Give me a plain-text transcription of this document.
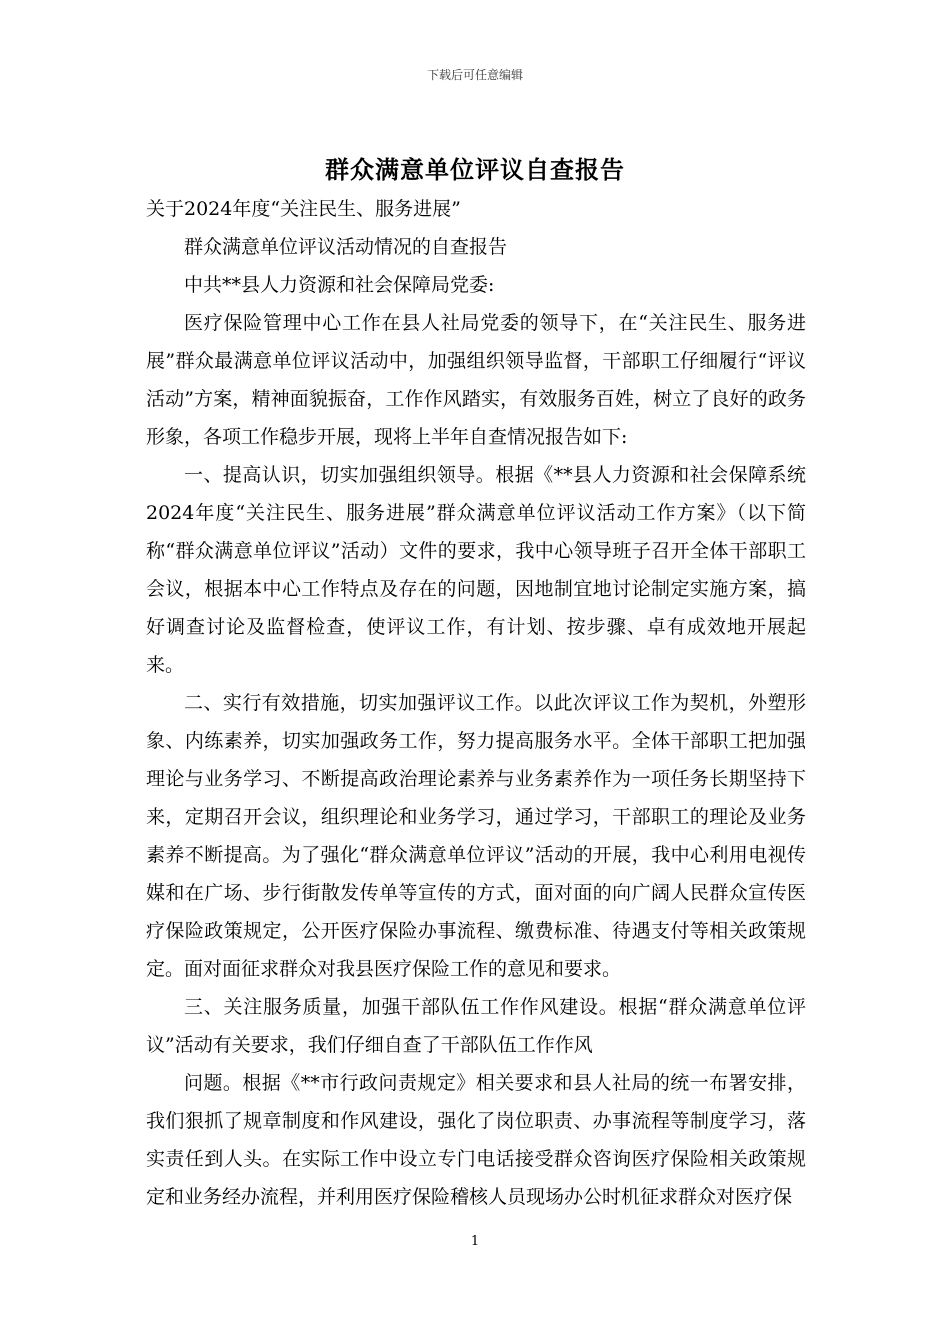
下载后可任意编辑
群众满意单位评议自查报告

关于2024年度“关注民生、服务进展”

群众满意单位评议活动情况的自查报告

中共**县人力资源和社会保障局党委:

医疗保险管理中心工作在县人社局党委的领导下，在“关注民生、服务进展”群众最满意单位评议活动中，加强组织领导监督，干部职工仔细履行“评议活动”方案，精神面貌振奋，工作作风踏实，有效服务百姓，树立了良好的政务形象，各项工作稳步开展，现将上半年自查情况报告如下:

一、提高认识，切实加强组织领导。根据《**县人力资源和社会保障系统2024年度“关注民生、服务进展”群众满意单位评议活动工作方案》（以下简称“群众满意单位评议”活动）文件的要求，我中心领导班子召开全体干部职工会议，根据本中心工作特点及存在的问题，因地制宜地讨论制定实施方案，搞好调查讨论及监督检查，使评议工作，有计划、按步骤、卓有成效地开展起来。

二、实行有效措施，切实加强评议工作。以此次评议工作为契机，外塑形象、内练素养，切实加强政务工作，努力提高服务水平。全体干部职工把加强理论与业务学习、不断提高政治理论素养与业务素养作为一项任务长期坚持下来，定期召开会议，组织理论和业务学习，通过学习，干部职工的理论及业务素养不断提高。为了强化“群众满意单位评议”活动的开展，我中心利用电视传媒和在广场、步行街散发传单等宣传的方式，面对面的向广阔人民群众宣传医疗保险政策规定，公开医疗保险办事流程、缴费标准、待遇支付等相关政策规定。面对面征求群众对我县医疗保险工作的意见和要求。

三、关注服务质量，加强干部队伍工作作风建设。根据“群众满意单位评议”活动有关要求，我们仔细自查了干部队伍工作作风

问题。根据《**市行政问责规定》相关要求和县人社局的统一布署安排，我们狠抓了规章制度和作风建设，强化了岗位职责、办事流程等制度学习，落实责任到人头。在实际工作中设立专门电话接受群众咨询医疗保险相关政策规定和业务经办流程，并利用医疗保险稽核人员现场办公时机征求群众对医疗保

1
